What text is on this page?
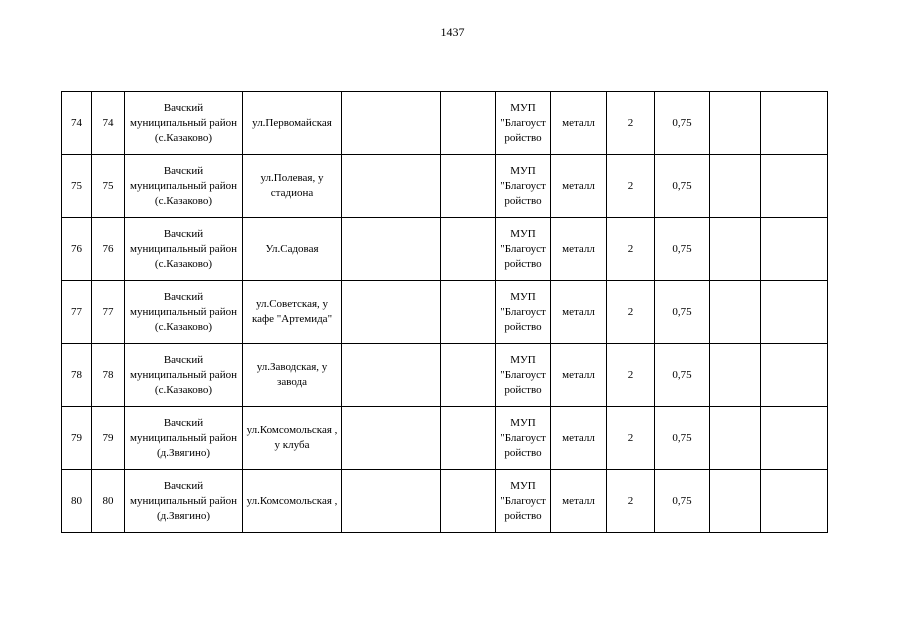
1437
74	74	Вачский муниципальный район (с.Казаково)	ул.Первомайская			МУП "Благоуст ройство	металл	2	0,75		
75	75	Вачский муниципальный район (с.Казаково)	ул.Полевая, у стадиона			МУП "Благоуст ройство	металл	2	0,75		
76	76	Вачский муниципальный район (с.Казаково)	Ул.Садовая			МУП "Благоуст ройство	металл	2	0,75		
77	77	Вачский муниципальный район (с.Казаково)	ул.Советская, у кафе "Артемида"			МУП "Благоуст ройство	металл	2	0,75		
78	78	Вачский муниципальный район (с.Казаково)	ул.Заводская, у завода			МУП "Благоуст ройство	металл	2	0,75		
79	79	Вачский муниципальный район (д.Звягино)	ул.Комсомольская , у клуба			МУП "Благоуст ройство	металл	2	0,75		
80	80	Вачский муниципальный район (д.Звягино)	ул.Комсомольская ,			МУП "Благоуст ройство	металл	2	0,75		
